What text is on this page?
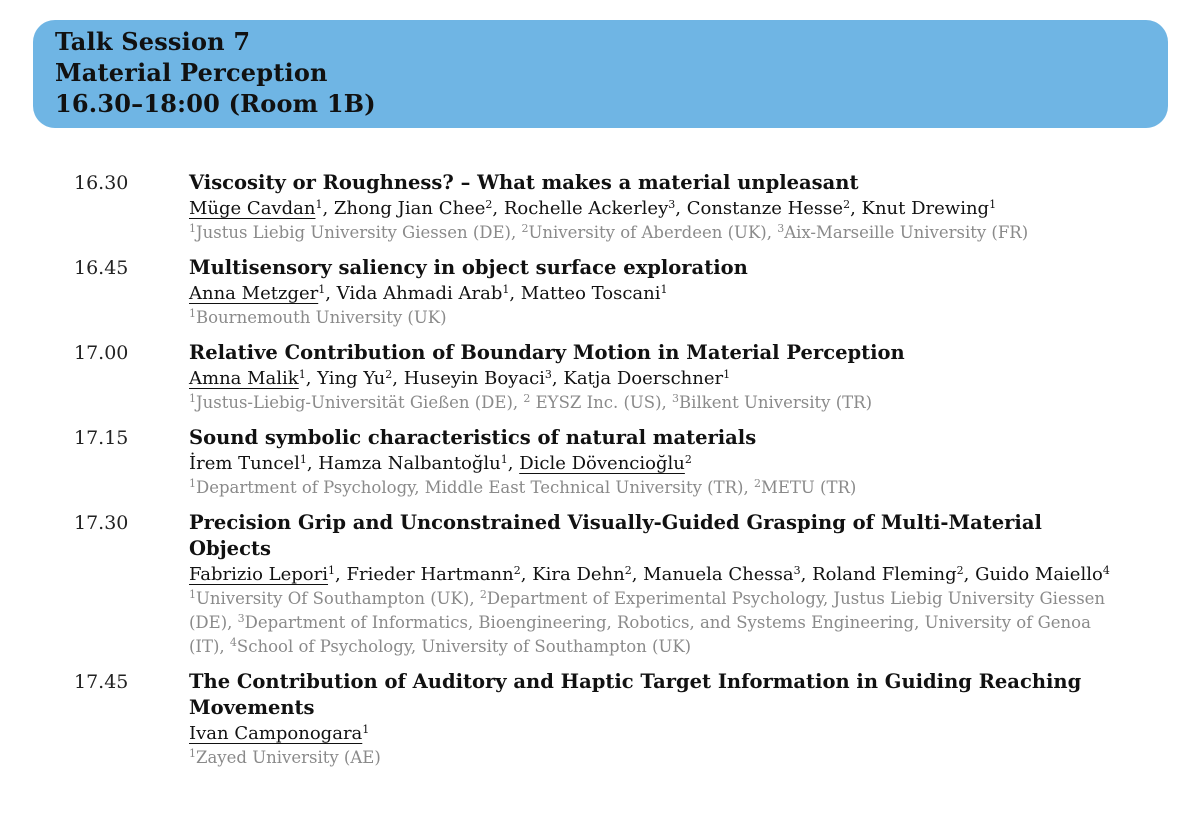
Talk Session 7
Material Perception
16.30–18:00 (Room 1B)
16.30	Viscosity or Roughness? – What makes a material unpleasant
Müge Cavdan$^1$, Zhong Jian Chee$^2$, Rochelle Ackerley$^3$, Constanze Hesse$^2$, Knut Drewing$^1$
$^1$Justus Liebig University Giessen (DE), $^2$University of Aberdeen (UK), $^3$Aix-Marseille University (FR)
16.45	Multisensory saliency in object surface exploration
Anna Metzger$^1$, Vida Ahmadi Arab$^1$, Matteo Toscani$^1$
$^1$Bournemouth University (UK)
17.00	Relative Contribution of Boundary Motion in Material Perception
Amna Malik$^1$, Ying Yu$^2$, Huseyin Boyaci$^3$, Katja Doerschner$^1$
$^1$Justus-Liebig-Universität Gießen (DE), $^2$ EYSZ Inc. (US), $^3$Bilkent University (TR)
17.15	Sound symbolic characteristics of natural materials
İrem Tuncel$^1$, Hamza Nalbantoğlu$^1$, Dicle Dövencioğlu$^2$
$^1$Department of Psychology, Middle East Technical University (TR), $^2$METU (TR)
17.30	Precision Grip and Unconstrained Visually-Guided Grasping of Multi-Material Objects
Fabrizio Lepori$^1$, Frieder Hartmann$^2$, Kira Dehn$^2$, Manuela Chessa$^3$, Roland Fleming$^2$, Guido Maiello$^4$
$^1$University Of Southampton (UK), $^2$Department of Experimental Psychology, Justus Liebig University Giessen (DE), $^3$Department of Informatics, Bioengineering, Robotics, and Systems Engineering, University of Genoa (IT), $^4$School of Psychology, University of Southampton (UK)
17.45	The Contribution of Auditory and Haptic Target Information in Guiding Reaching Movements
Ivan Camponogara$^1$
$^1$Zayed University (AE)
